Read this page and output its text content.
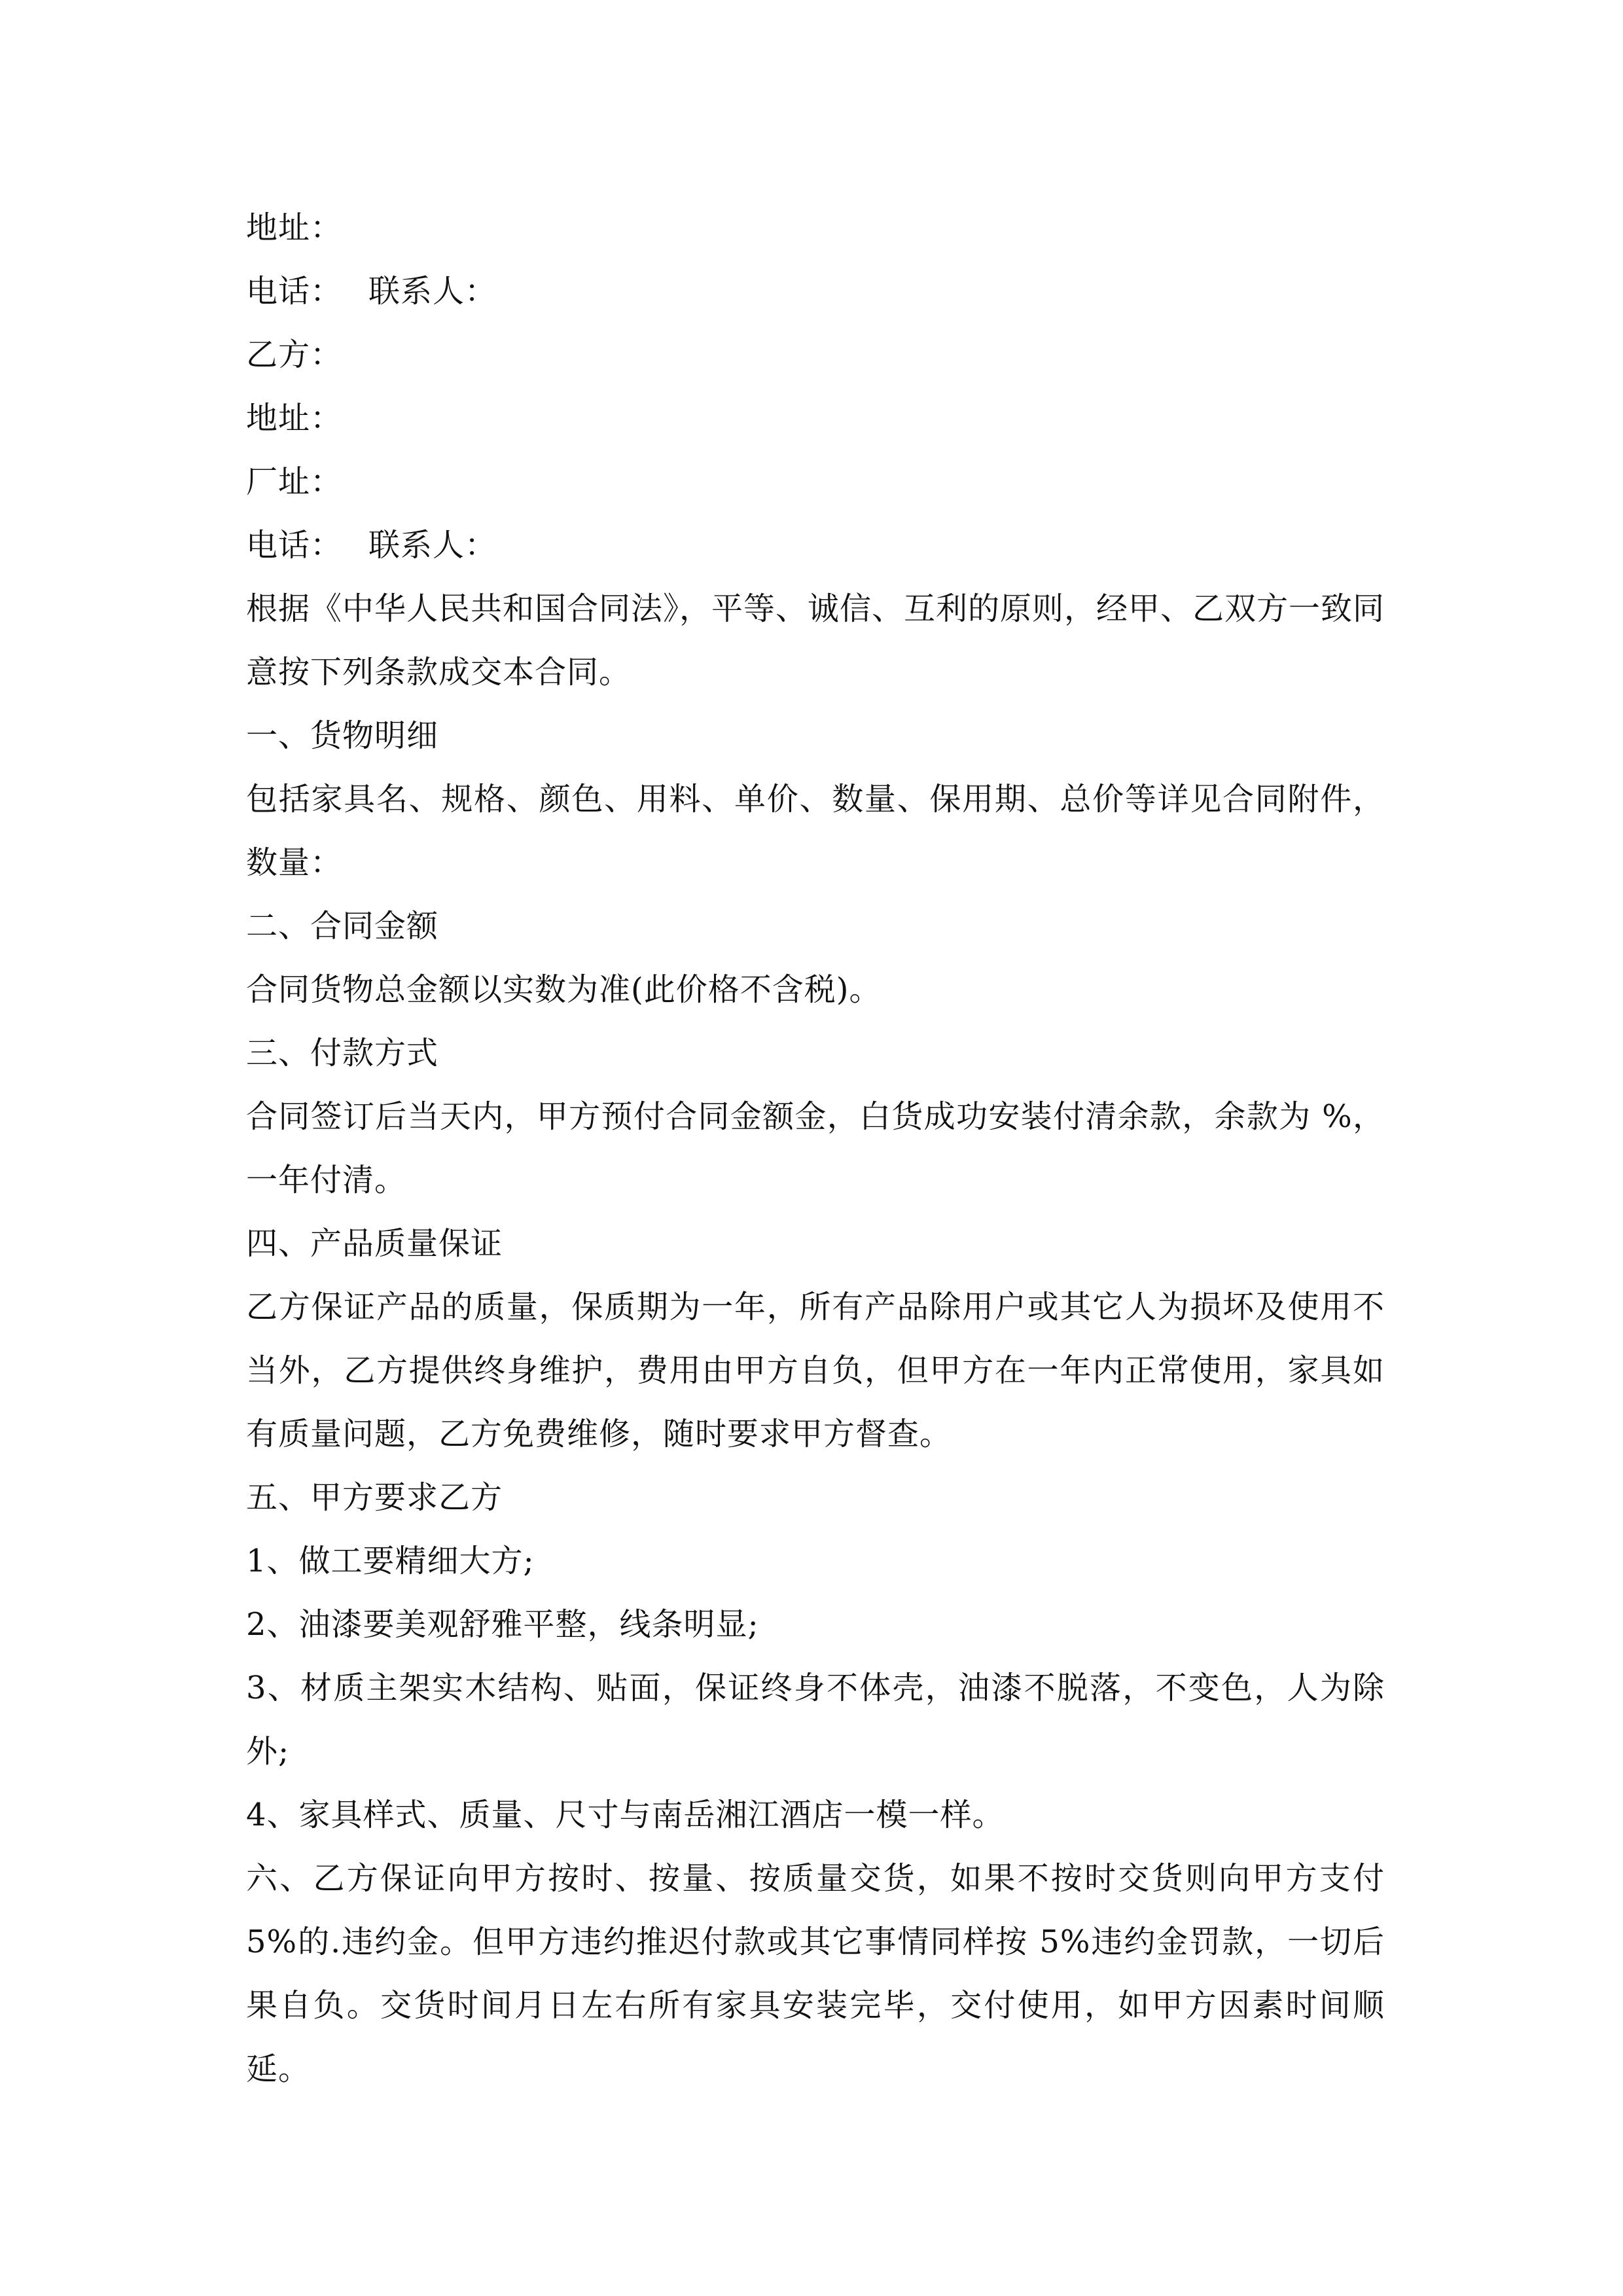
地址：
电话： 联系人：
乙方：
地址：
厂址：
电话： 联系人：
根据《中华人民共和国合同法》，平等、诚信、互利的原则，经甲、乙双方一致同意按下列条款成交本合同。
一、货物明细
包括家具名、规格、颜色、用料、单价、数量、保用期、总价等详见合同附件，数量：
二、合同金额
合同货物总金额以实数为准(此价格不含税)。
三、付款方式
合同签订后当天内，甲方预付合同金额金，白货成功安装付清余款，余款为 %，一年付清。
四、产品质量保证
乙方保证产品的质量，保质期为一年，所有产品除用户或其它人为损坏及使用不当外，乙方提供终身维护，费用由甲方自负，但甲方在一年内正常使用，家具如有质量问题，乙方免费维修，随时要求甲方督查。
五、甲方要求乙方
1、做工要精细大方;
2、油漆要美观舒雅平整，线条明显;
3、材质主架实木结构、贴面，保证终身不体壳，油漆不脱落，不变色，人为除外;
4、家具样式、质量、尺寸与南岳湘江酒店一模一样。
六、乙方保证向甲方按时、按量、按质量交货，如果不按时交货则向甲方支付 5%的.违约金。但甲方违约推迟付款或其它事情同样按 5%违约金罚款，一切后果自负。交货时间月日左右所有家具安装完毕，交付使用，如甲方因素时间顺延。
